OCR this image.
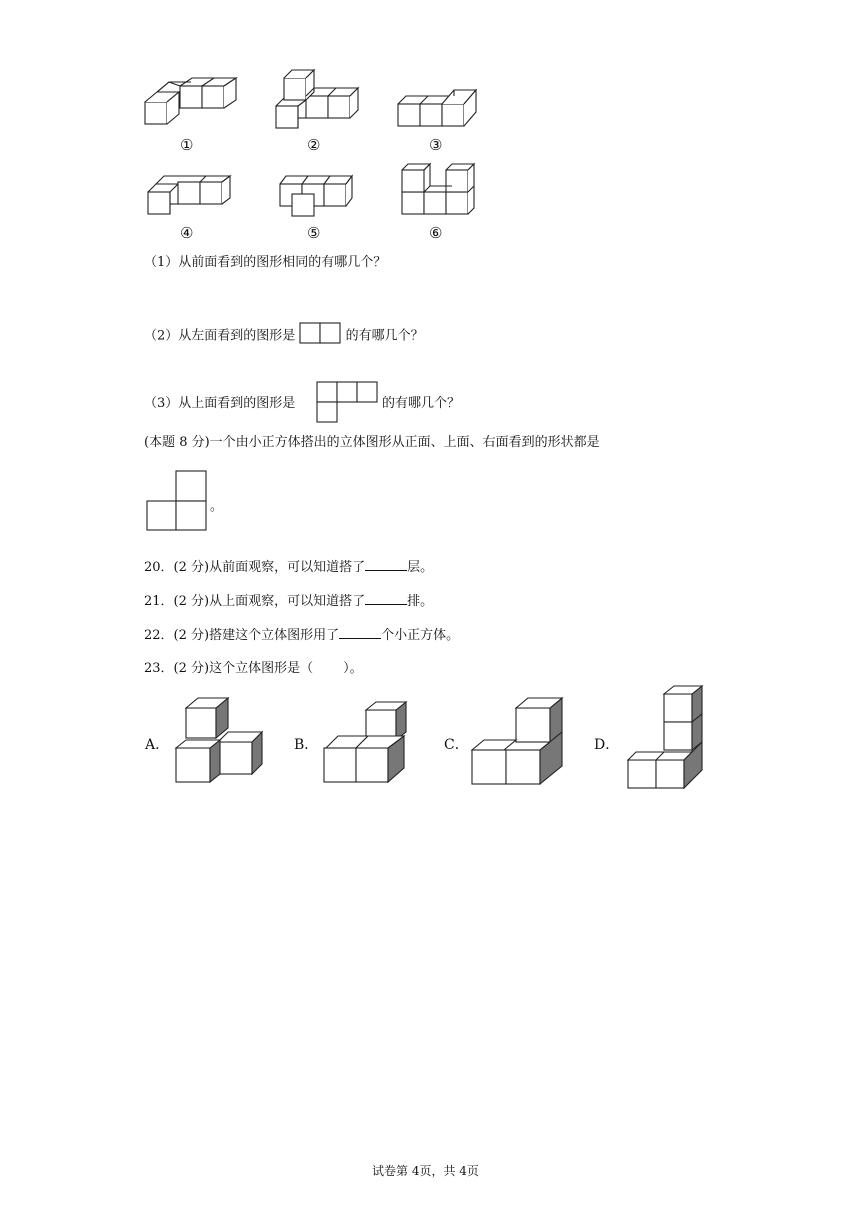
①	②	③
④	⑤	⑥
（1）从前面看到的图形相同的有哪几个？
（2）从左面看到的图形是	的有哪几个？
（3）从上面看到的图形是	的有哪几个？
(本题 8 分)一个由小正方体搭出的立体图形从正面、上面、右面看到的形状都是
。
20．(2 分)从前面观察，可以知道搭了	层。
21．(2 分)从上面观察，可以知道搭了	排。
22．(2 分)搭建这个立体图形用了	个小正方体。
23．(2 分)这个立体图形是（ ）。
A．	B．	C．	D．
试卷第 4页，共 4页
